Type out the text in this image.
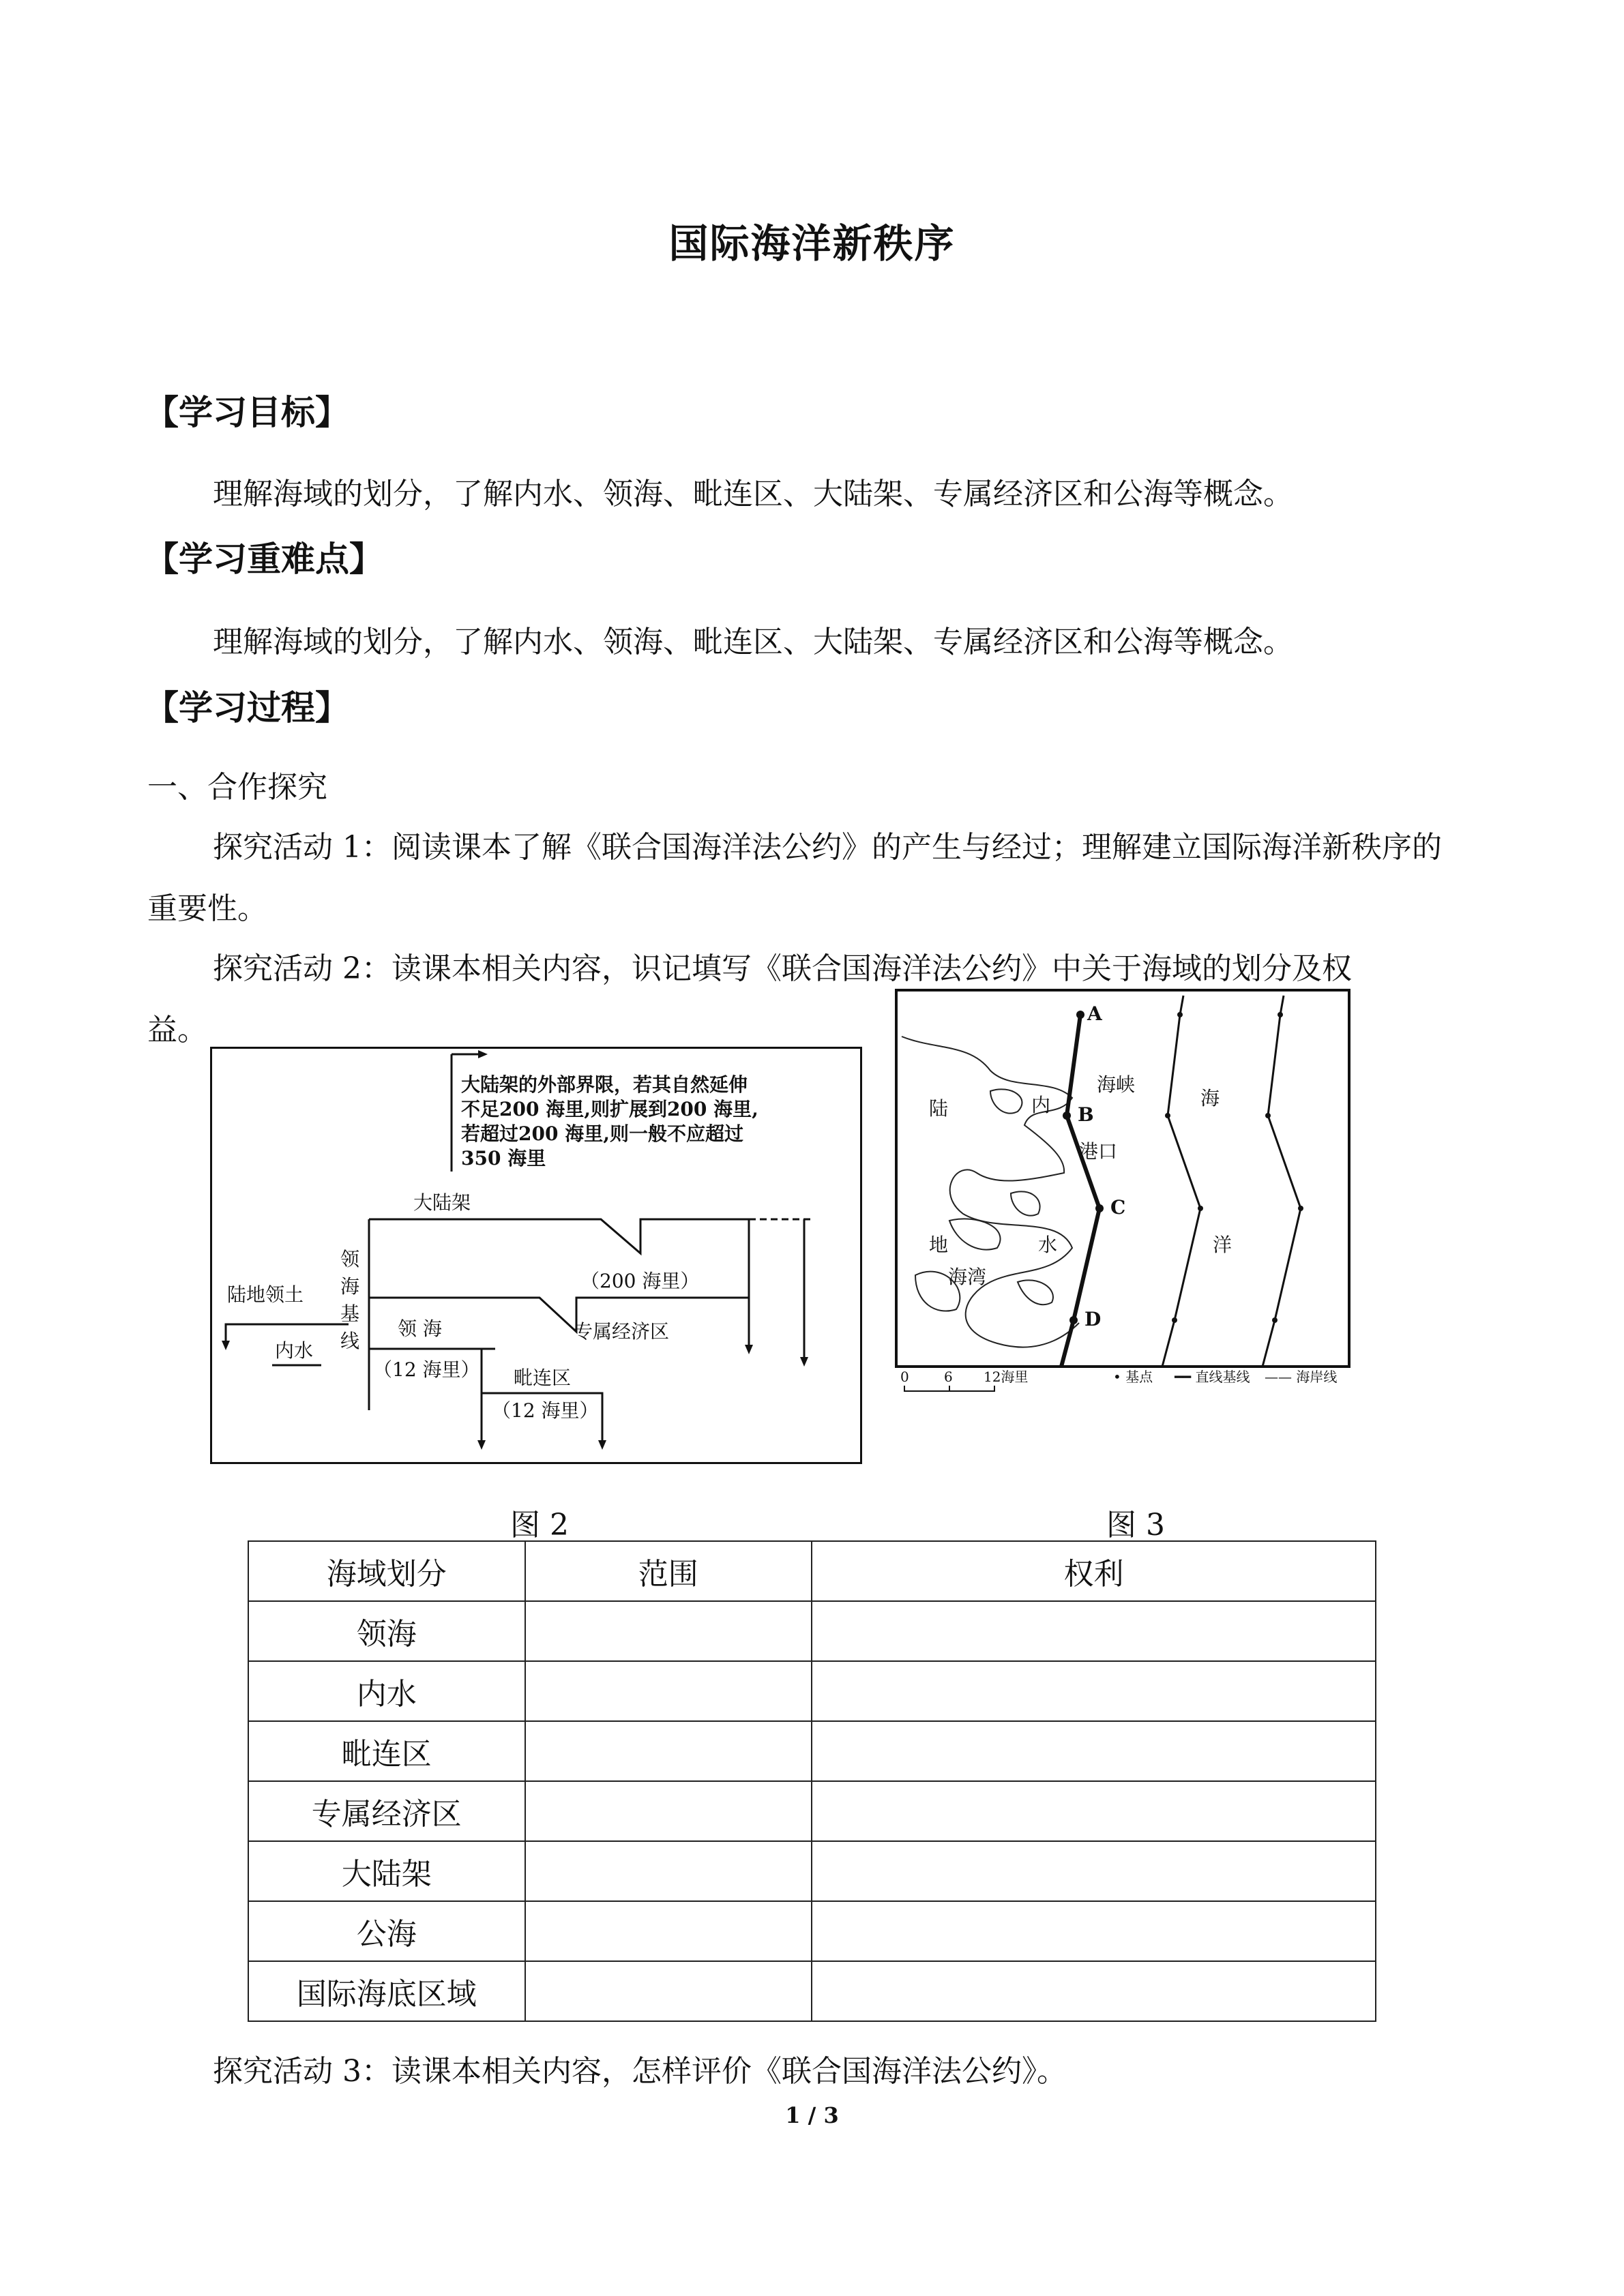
国际海洋新秩序
【学习目标】
理解海域的划分，了解内水、领海、毗连区、大陆架、专属经济区和公海等概念。
【学习重难点】
理解海域的划分，了解内水、领海、毗连区、大陆架、专属经济区和公海等概念。
【学习过程】
一、合作探究
探究活动 1：阅读课本了解《联合国海洋法公约》的产生与经过；理解建立国际海洋新秩序的重要性。
探究活动 2：读课本相关内容，识记填写《联合国海洋法公约》中关于海域的划分及权
益。
大陆架的外部界限，若其自然延伸
不足200 海里,则扩展到200 海里,
若超过200 海里,则一般不应超过
350 海里
大陆架
领
海
基
线
陆地领土
内水
领 海
（12 海里）
（200 海里）
专属经济区
毗连区
（12 海里）
A
B
C
D
海峡
港口
海湾
陆
地
内
水
海
洋
0	6 12海里	• 基点 ━━ 直线基线 —— 海岸线
图 2	图 3
海域划分	范围	权利
领海		
内水		
毗连区		
专属经济区		
大陆架		
公海		
国际海底区域		
探究活动 3：读课本相关内容，怎样评价《联合国海洋法公约》。
1 / 3
